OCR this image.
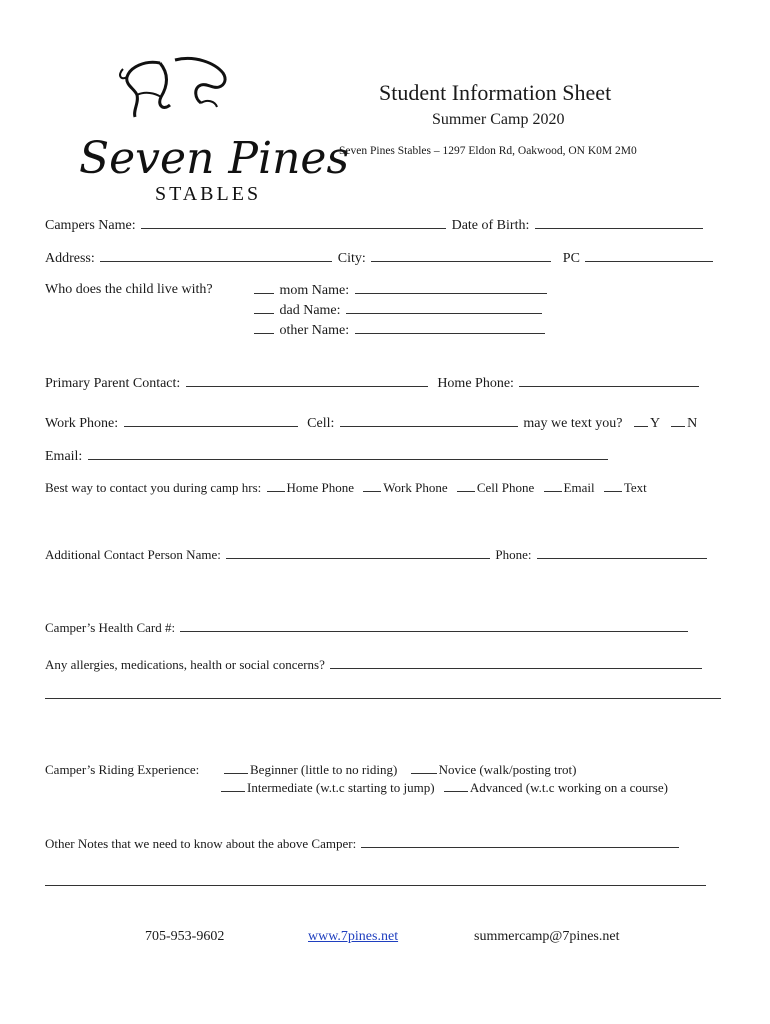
Seven Pines
STABLES
Student Information Sheet
Summer Camp 2020
Seven Pines Stables – 1297 Eldon Rd, Oakwood, ON K0M 2M0
Campers Name:	Date of Birth:
Address:	City:	PC
Who does the child live with?	mom Name:
dad Name:
other Name:
Primary Parent Contact:	Home Phone:
Work Phone:	Cell:	may we text you? Y N
Email:
Best way to contact you during camp hrs: Home Phone Work Phone Cell Phone Email Text
Additional Contact Person Name:	Phone:
Camper’s Health Card #:
Any allergies, medications, health or social concerns?
Camper’s Riding Experience:	Beginner (little to no riding)	Novice (walk/posting trot)
Intermediate (w.t.c starting to jump)	Advanced (w.t.c working on a course)
Other Notes that we need to know about the above Camper:
705-953-9602	www.7pines.net	summercamp@7pines.net
